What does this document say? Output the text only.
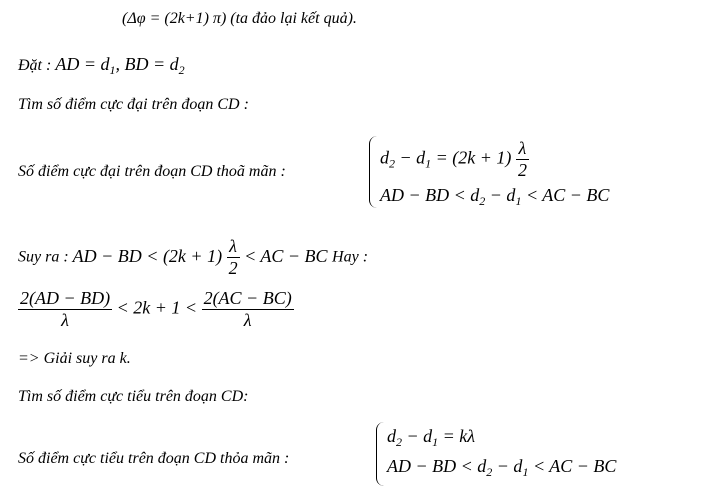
(Δφ = (2k+1) π) (ta đảo lại kết quả).
Đặt : AD = $d_1$, BD = $d_2$
Tìm số điểm cực đại trên đoạn CD :
Số điểm cực đại trên đoạn CD thoã mãn :
$d_2 - d_1 = (2k + 1) \frac{\lambda}{2}$
AD − BD < $d_2 - d_1$ < AC − BC
Suy ra : AD − BD < $(2k + 1) \frac{\lambda}{2}$ < AC − BC Hay :
$\frac{2(AD - BD)}{\lambda} < 2k + 1 < \frac{2(AC - BC)}{\lambda}$
=> Giải suy ra k.
Tìm số điểm cực tiểu trên đoạn CD:
Số điểm cực tiểu trên đoạn CD thỏa mãn :
$d_2 - d_1 = k\lambda$
AD − BD < $d_2 - d_1$ < AC − BC
